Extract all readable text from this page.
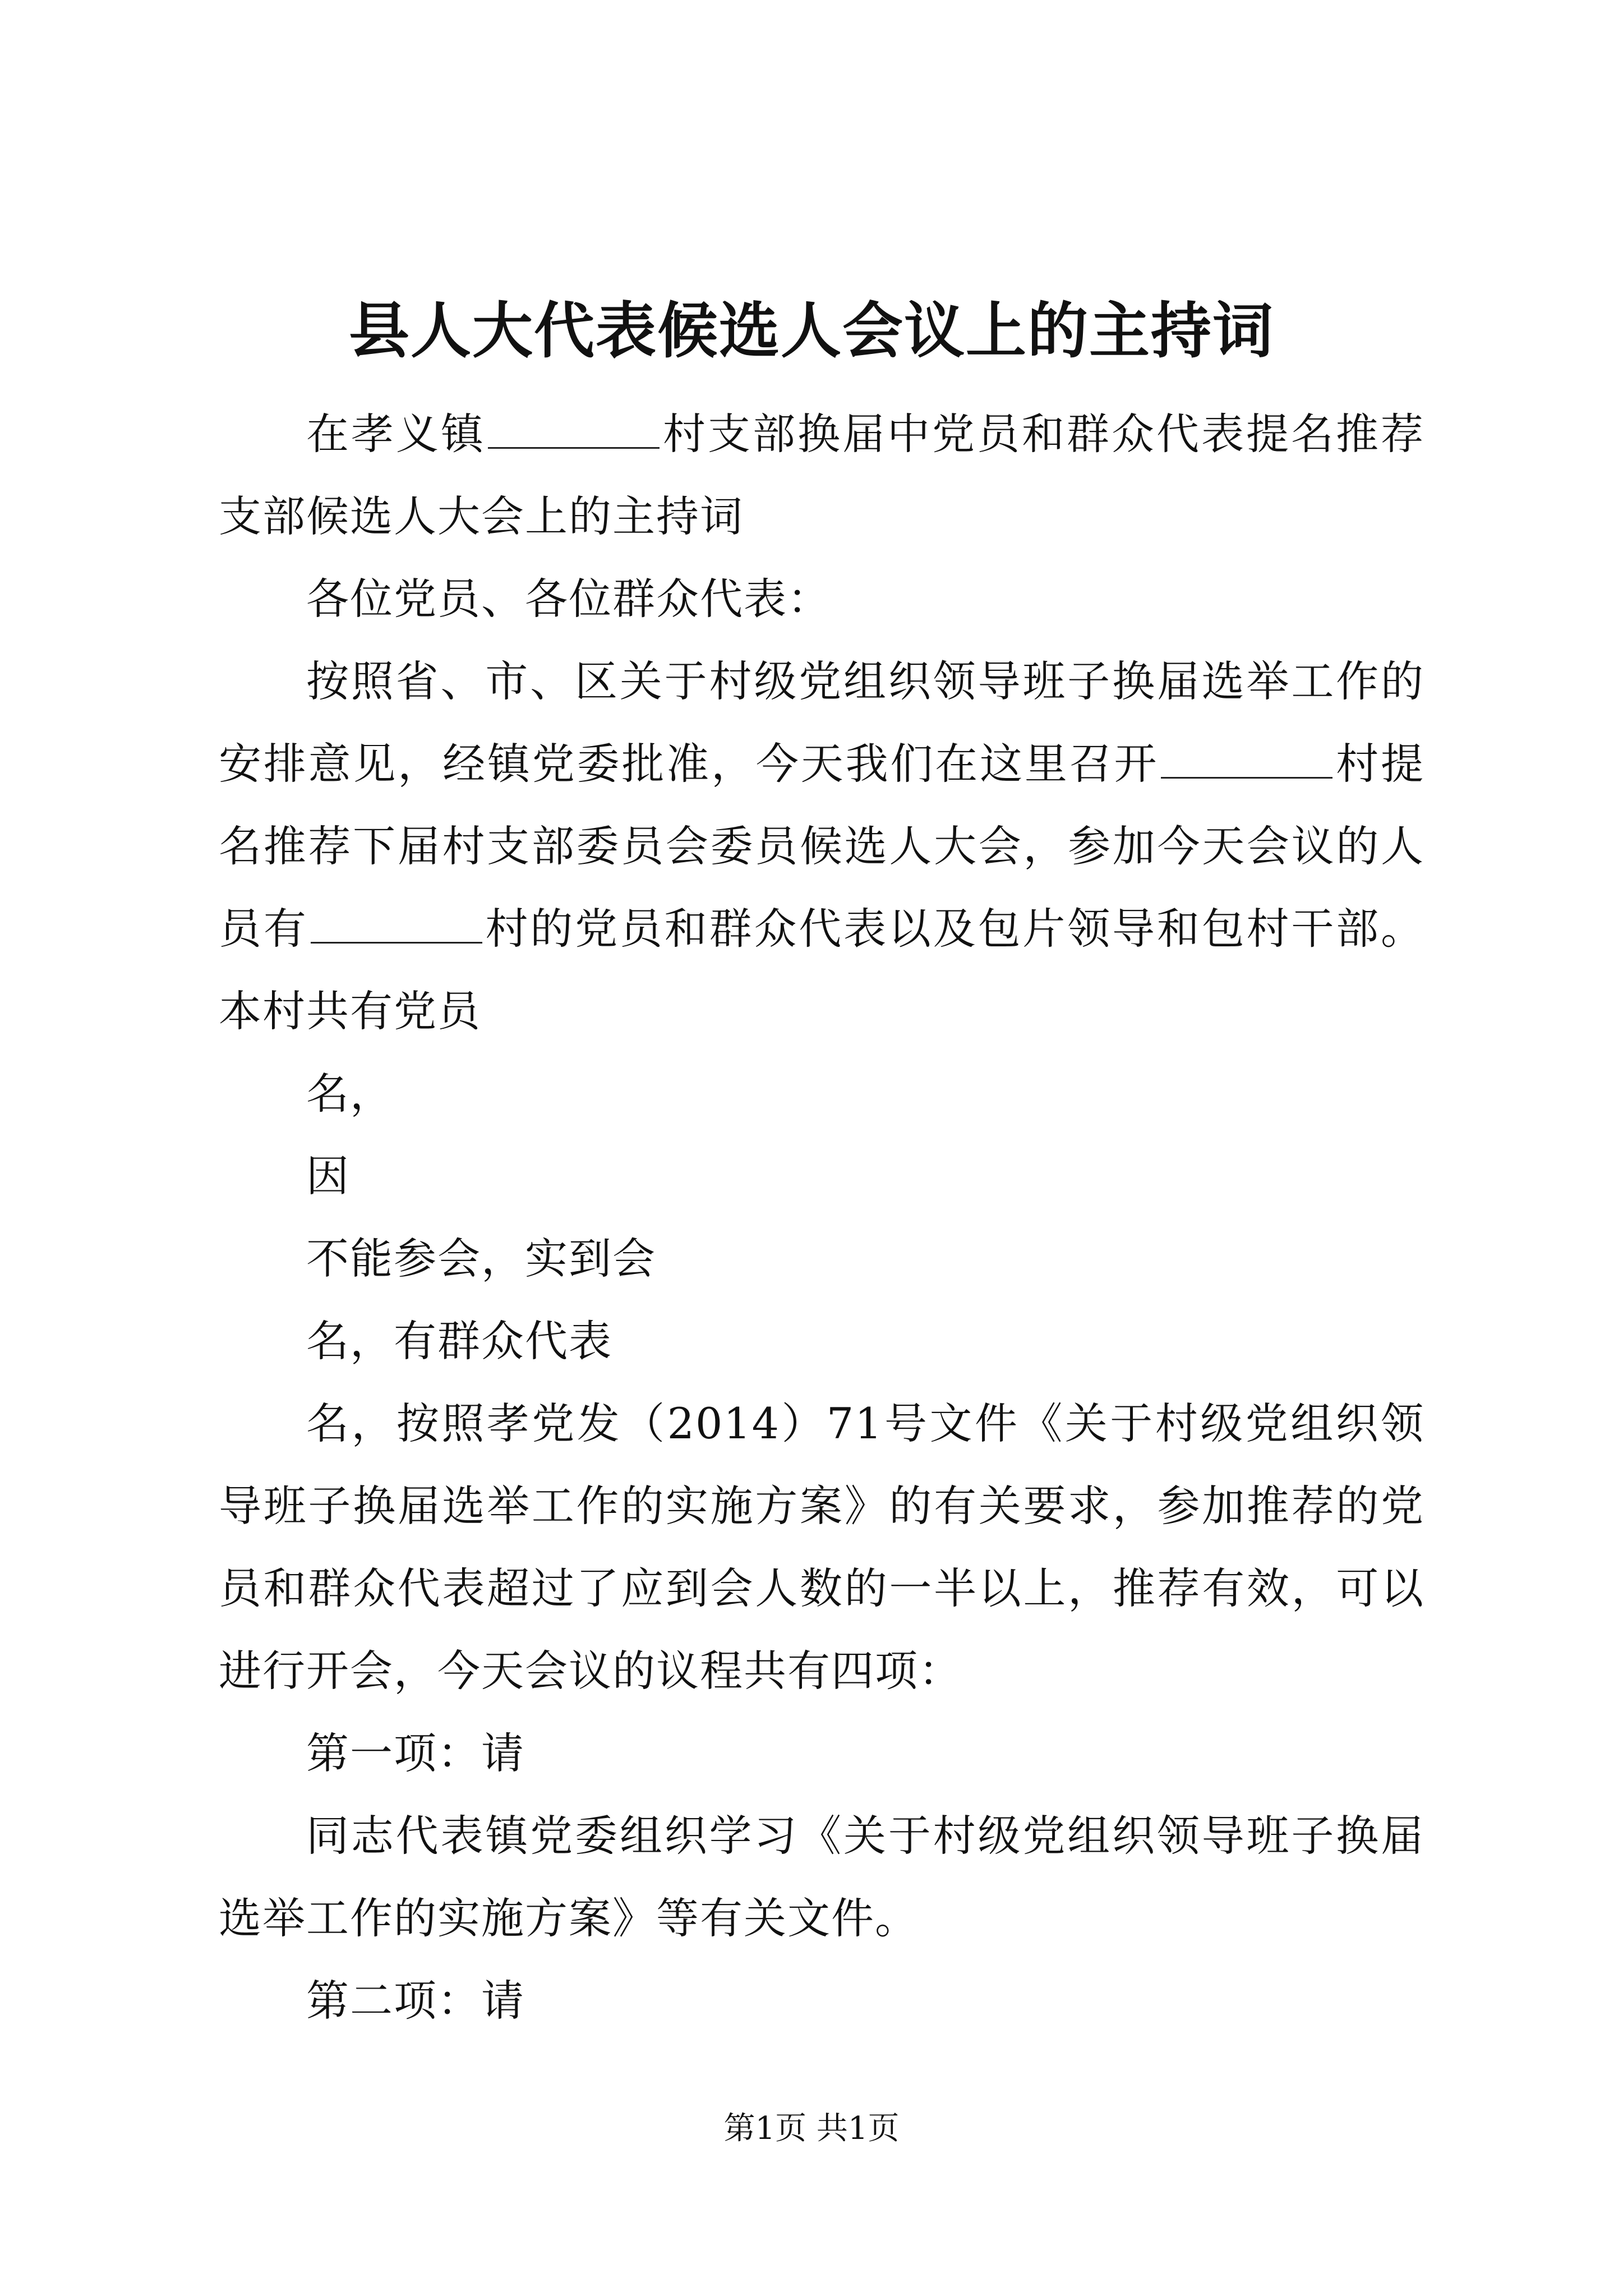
县人大代表候选人会议上的主持词

在孝义镇	村支部换届中党员和群众代表提名推荐支部候选人大会上的主持词

各位党员、各位群众代表：

按照省、市、区关于村级党组织领导班子换届选举工作的安排意见，经镇党委批准，今天我们在这里召开	村提名推荐下届村支部委员会委员候选人大会，参加今天会议的人员有	村的党员和群众代表以及包片领导和包村干部。本村共有党员

名，

因

不能参会，实到会

名，有群众代表

名，按照孝党发（2014）71号文件《关于村级党组织领导班子换届选举工作的实施方案》的有关要求，参加推荐的党员和群众代表超过了应到会人数的一半以上，推荐有效，可以进行开会，今天会议的议程共有四项：

第一项：请

同志代表镇党委组织学习《关于村级党组织领导班子换届选举工作的实施方案》等有关文件。

第二项：请

第1页 共1页
